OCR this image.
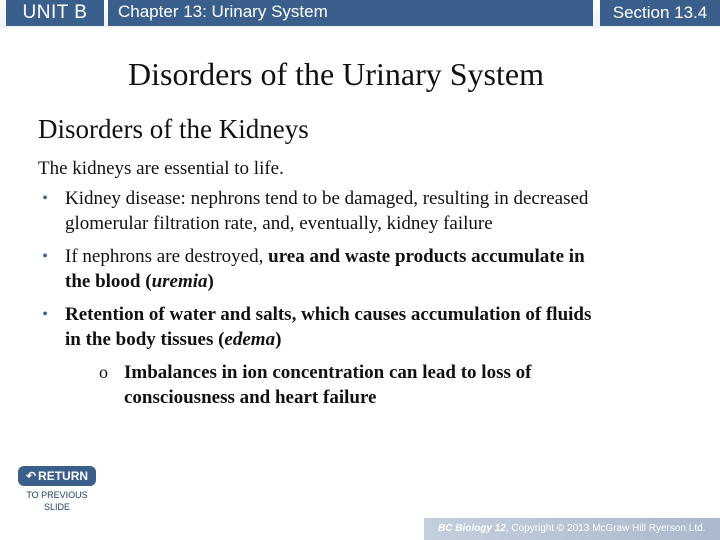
UNIT B	Chapter 13: Urinary System	Section 13.4
Disorders of the Urinary System
Disorders of the Kidneys

The kidneys are essential to life.

• Kidney disease: nephrons tend to be damaged, resulting in decreased glomerular filtration rate, and, eventually, kidney failure
• If nephrons are destroyed, urea and waste products accumulate in the blood (uremia)
• Retention of water and salts, which causes accumulation of fluids in the body tissues (edema)
o Imbalances in ion concentration can lead to loss of consciousness and heart failure
↶ RETURN
TO PREVIOUS
SLIDE
BC Biology 12, Copyright © 2013 McGraw Hill Ryerson Ltd.
